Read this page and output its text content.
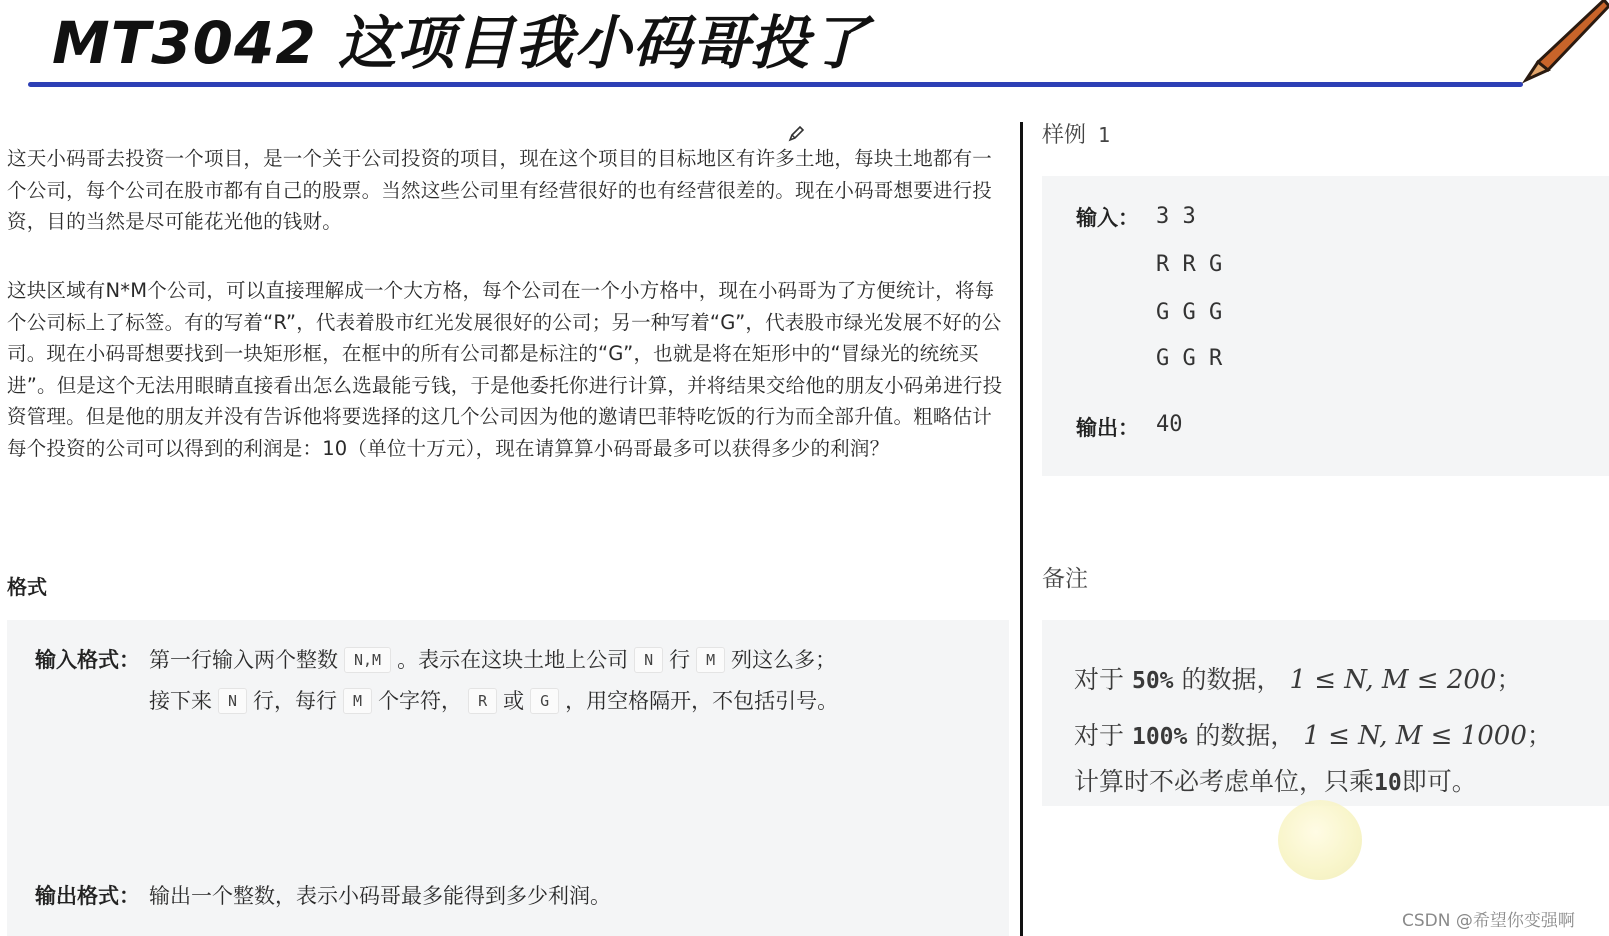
MT3042 这项目我小码哥投了

这天小码哥去投资一个项目，是一个关于公司投资的项目，现在这个项目的目标地区有许多土地，每块土地都有一个公司，每个公司在股市都有自己的股票。当然这些公司里有经营很好的也有经营很差的。现在小码哥想要进行投资，目的当然是尽可能花光他的钱财。

这块区域有N*M个公司，可以直接理解成一个大方格，每个公司在一个小方格中，现在小码哥为了方便统计，将每个公司标上了标签。有的写着“R”，代表着股市红光发展很好的公司；另一种写着“G”，代表股市绿光发展不好的公司。现在小码哥想要找到一块矩形框，在框中的所有公司都是标注的“G”，也就是将在矩形中的“冒绿光的统统买进”。但是这个无法用眼睛直接看出怎么选最能亏钱，于是他委托你进行计算，并将结果交给他的朋友小码弟进行投资管理。但是他的朋友并没有告诉他将要选择的这几个公司因为他的邀请巴菲特吃饭的行为而全部升值。粗略估计每个投资的公司可以得到的利润是：10（单位十万元），现在请算算小码哥最多可以获得多少的利润？

格式
输入格式： 第一行输入两个整数 N,M 。表示在这块土地上公司 N 行 M 列这么多；
接下来 N 行，每行 M 个字符， R 或 G ，用空格隔开，不包括引号。
输出格式： 输出一个整数，表示小码哥最多能得到多少利润。
样例 1
输入： 3 3
R R G
G G G
G G R
输出： 40
备注
对于 50% 的数据， 1 ≤ N, M ≤ 200；
对于 100% 的数据， 1 ≤ N, M ≤ 1000；
计算时不必考虑单位，只乘10即可。
CSDN @希望你变强啊
